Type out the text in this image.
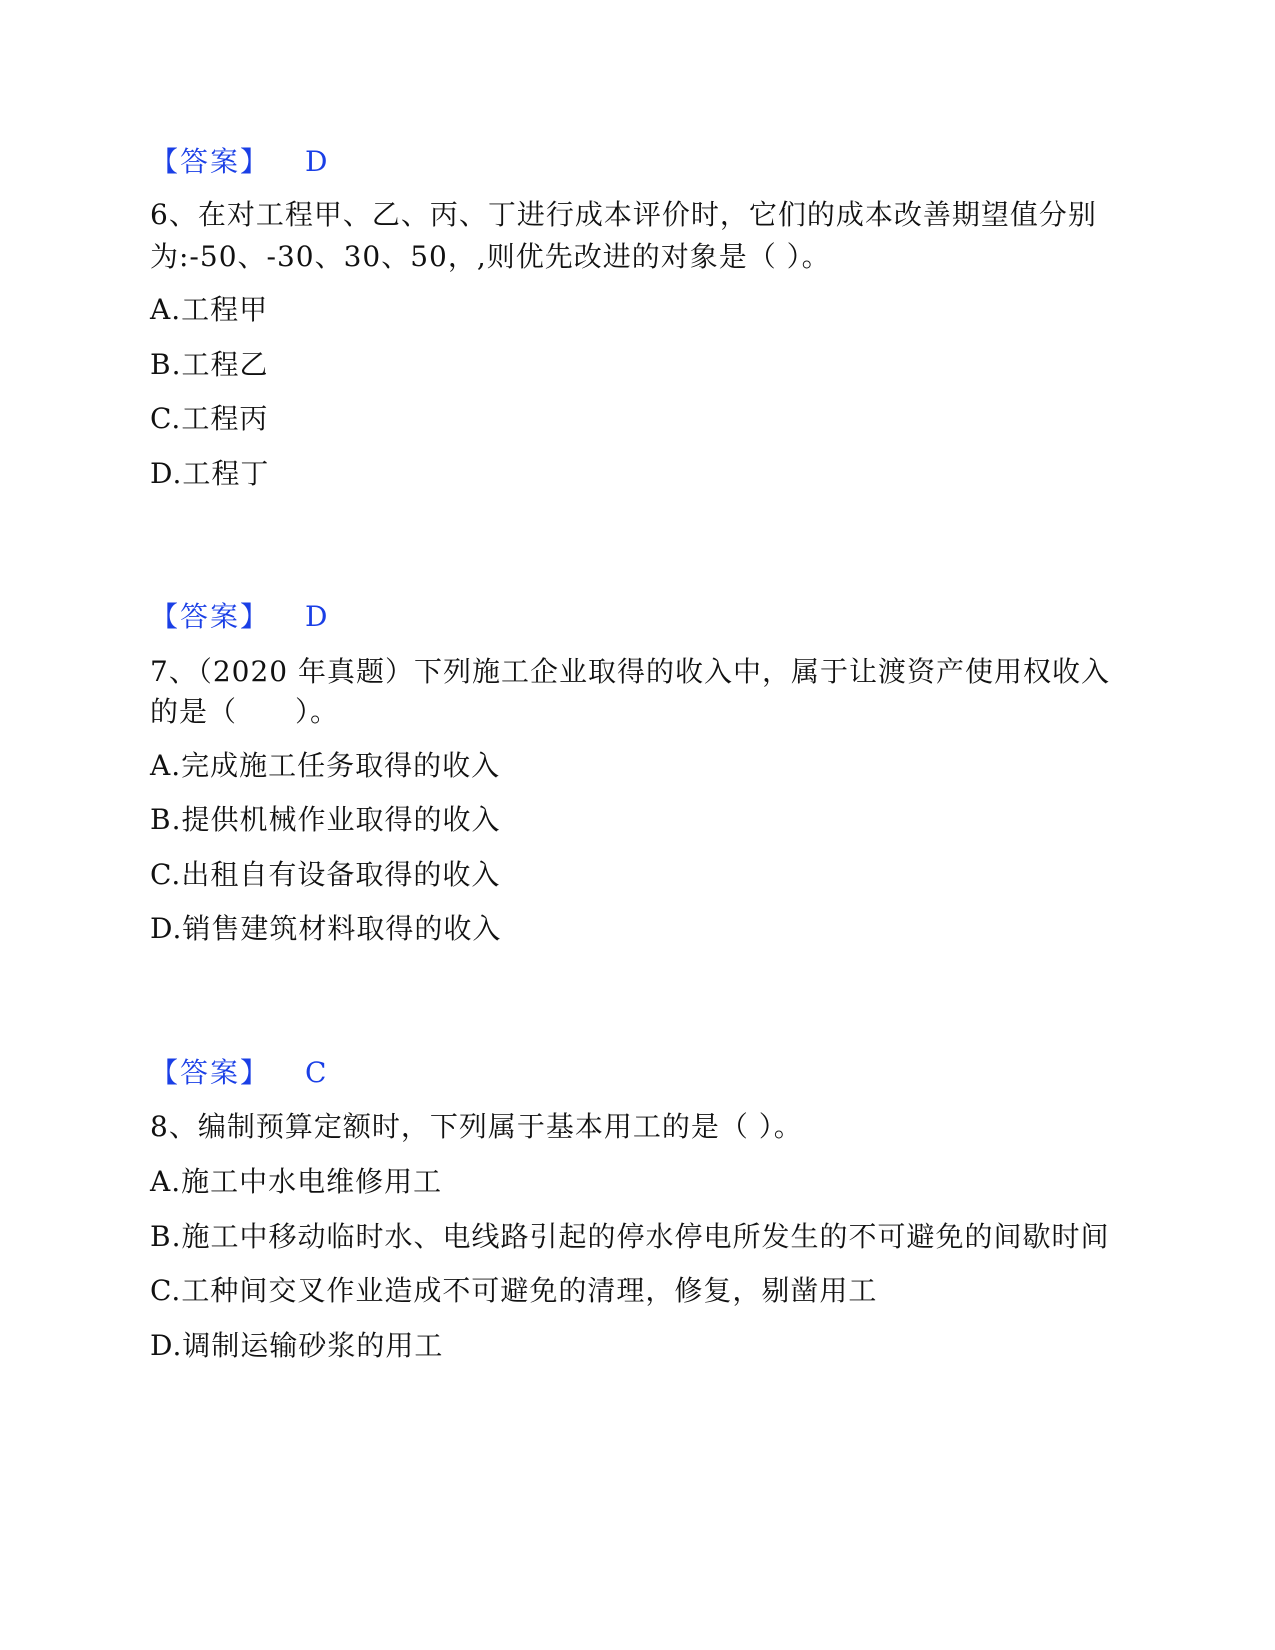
【答案】 D
6、在对工程甲、乙、丙、丁进行成本评价时，它们的成本改善期望值分别
为:-50、-30、30、50，,则优先改进的对象是（ ）。
A.工程甲
B.工程乙
C.工程丙
D.工程丁
【答案】 D
7、（2020 年真题）下列施工企业取得的收入中，属于让渡资产使用权收入
的是（　　）。
A.完成施工任务取得的收入
B.提供机械作业取得的收入
C.出租自有设备取得的收入
D.销售建筑材料取得的收入
【答案】 C
8、编制预算定额时，下列属于基本用工的是（ ）。
A.施工中水电维修用工
B.施工中移动临时水、电线路引起的停水停电所发生的不可避免的间歇时间
C.工种间交叉作业造成不可避免的清理，修复，剔凿用工
D.调制运输砂浆的用工
